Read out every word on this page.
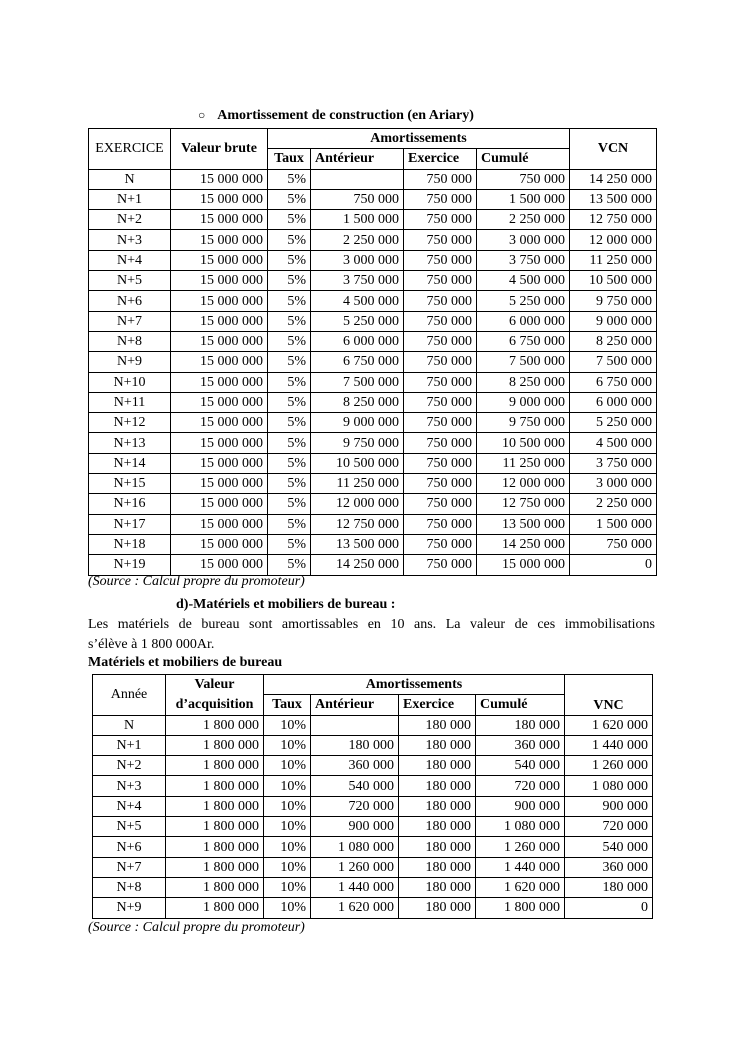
○ Amortissement de construction (en Ariary)
EXERCICE	Valeur brute	Amortissements				VCN
		Taux	Antérieur	Exercice	Cumulé	
N	15 000 000	5%		750 000	750 000	14 250 000
N+1	15 000 000	5%	750 000	750 000	1 500 000	13 500 000
N+2	15 000 000	5%	1 500 000	750 000	2 250 000	12 750 000
N+3	15 000 000	5%	2 250 000	750 000	3 000 000	12 000 000
N+4	15 000 000	5%	3 000 000	750 000	3 750 000	11 250 000
N+5	15 000 000	5%	3 750 000	750 000	4 500 000	10 500 000
N+6	15 000 000	5%	4 500 000	750 000	5 250 000	9 750 000
N+7	15 000 000	5%	5 250 000	750 000	6 000 000	9 000 000
N+8	15 000 000	5%	6 000 000	750 000	6 750 000	8 250 000
N+9	15 000 000	5%	6 750 000	750 000	7 500 000	7 500 000
N+10	15 000 000	5%	7 500 000	750 000	8 250 000	6 750 000
N+11	15 000 000	5%	8 250 000	750 000	9 000 000	6 000 000
N+12	15 000 000	5%	9 000 000	750 000	9 750 000	5 250 000
N+13	15 000 000	5%	9 750 000	750 000	10 500 000	4 500 000
N+14	15 000 000	5%	10 500 000	750 000	11 250 000	3 750 000
N+15	15 000 000	5%	11 250 000	750 000	12 000 000	3 000 000
N+16	15 000 000	5%	12 000 000	750 000	12 750 000	2 250 000
N+17	15 000 000	5%	12 750 000	750 000	13 500 000	1 500 000
N+18	15 000 000	5%	13 500 000	750 000	14 250 000	750 000
N+19	15 000 000	5%	14 250 000	750 000	15 000 000	0
(Source : Calcul propre du promoteur)
d)-Matériels et mobiliers de bureau :
Les matériels de bureau sont amortissables en 10 ans. La valeur de ces immobilisations
s’élève à 1 800 000Ar.
Matériels et mobiliers de bureau
Année	Valeur	Amortissements				VNC
	d’acquisition	Taux	Antérieur	Exercice	Cumulé	
N	1 800 000	10%		180 000	180 000	1 620 000
N+1	1 800 000	10%	180 000	180 000	360 000	1 440 000
N+2	1 800 000	10%	360 000	180 000	540 000	1 260 000
N+3	1 800 000	10%	540 000	180 000	720 000	1 080 000
N+4	1 800 000	10%	720 000	180 000	900 000	900 000
N+5	1 800 000	10%	900 000	180 000	1 080 000	720 000
N+6	1 800 000	10%	1 080 000	180 000	1 260 000	540 000
N+7	1 800 000	10%	1 260 000	180 000	1 440 000	360 000
N+8	1 800 000	10%	1 440 000	180 000	1 620 000	180 000
N+9	1 800 000	10%	1 620 000	180 000	1 800 000	0
(Source : Calcul propre du promoteur)
